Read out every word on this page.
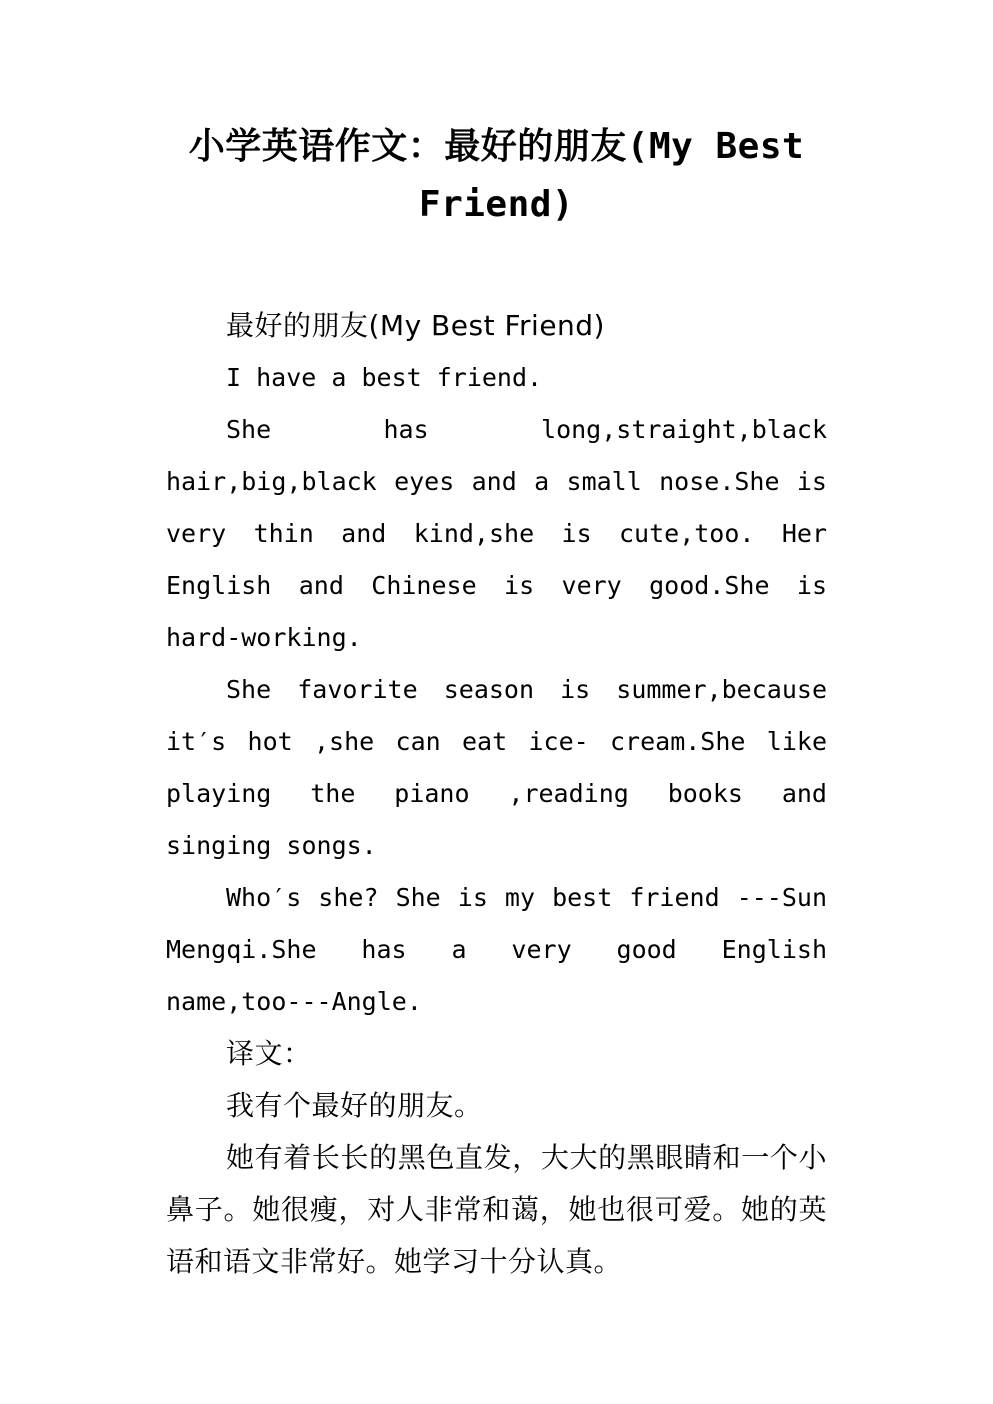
小学英语作文：最好的朋友(My Best Friend)

最好的朋友(My Best Friend)

I have a best friend.

She has long,straight,black hair,big,black eyes and a small nose.She is very thin and kind,she is cute,too. Her English and Chinese is very good.She is hard-working.

She favorite season is summer,because it′s hot ,she can eat ice- cream.She like playing the piano ,reading books and singing songs.

Who′s she? She is my best friend ---Sun Mengqi.She has a very good English name,too---Angle.

译文：

我有个最好的朋友。

她有着长长的黑色直发，大大的黑眼睛和一个小鼻子。她很瘦，对人非常和蔼，她也很可爱。她的英语和语文非常好。她学习十分认真。
